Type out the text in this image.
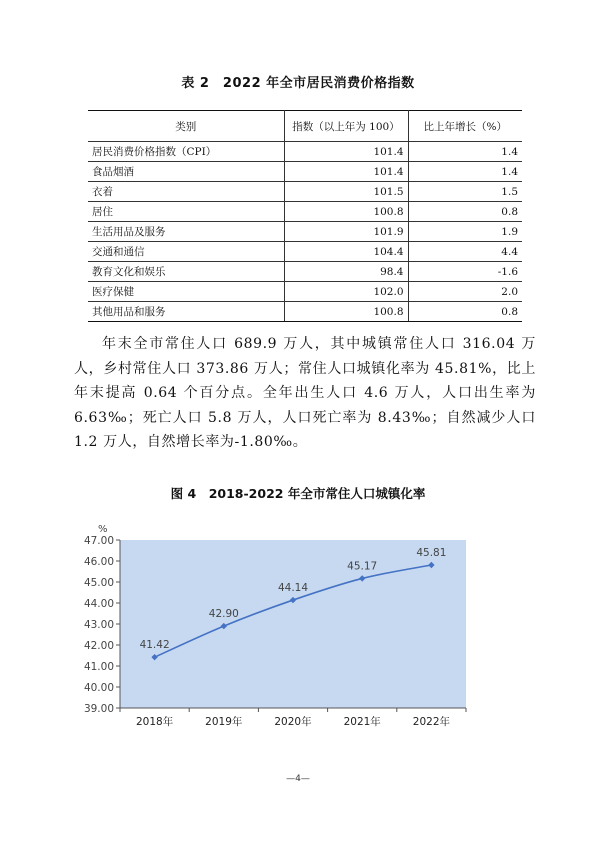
表 2　2022 年全市居民消费价格指数
类别	指数（以上年为 100）	比上年增长（%）
居民消费价格指数（CPI）	101.4	1.4
食品烟酒	101.4	1.4
衣着	101.5	1.5
居住	100.8	0.8
生活用品及服务	101.9	1.9
交通和通信	104.4	4.4
教育文化和娱乐	98.4	-1.6
医疗保健	102.0	2.0
其他用品和服务	100.8	0.8

年末全市常住人口 689.9 万人，其中城镇常住人口 316.04 万人，乡村常住人口 373.86 万人；常住人口城镇化率为 45.81%，比上年末提高 0.64 个百分点。全年出生人口 4.6 万人，人口出生率为 6.63‰；死亡人口 5.8 万人，人口死亡率为 8.43‰；自然减少人口 1.2 万人，自然增长率为-1.80‰。

图 4　2018-2022 年全市常住人口城镇化率
39.00
40.00
41.00
42.00
43.00
44.00
45.00
46.00
47.00
%
2018年	2019年	2020年	2021年	2022年
41.42
42.90
44.14
45.17
45.81
—4—
